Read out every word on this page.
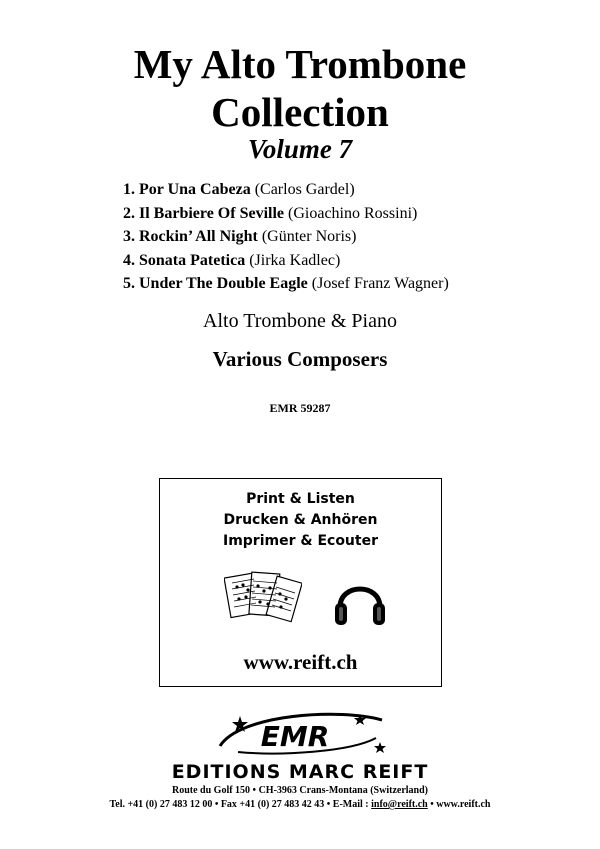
My Alto Trombone
Collection
Volume 7
1. Por Una Cabeza (Carlos Gardel)
2. Il Barbiere Of Seville (Gioachino Rossini)
3. Rockin’ All Night (Günter Noris)
4. Sonata Patetica (Jirka Kadlec)
5. Under The Double Eagle (Josef Franz Wagner)
Alto Trombone & Piano
Various Composers
EMR 59287
Print & Listen
Drucken & Anhören
Imprimer & Ecouter
www.reift.ch
EMR
EDITIONS MARC REIFT
Route du Golf 150 • CH-3963 Crans-Montana (Switzerland)
Tel. +41 (0) 27 483 12 00 • Fax +41 (0) 27 483 42 43 • E-Mail : info@reift.ch • www.reift.ch
